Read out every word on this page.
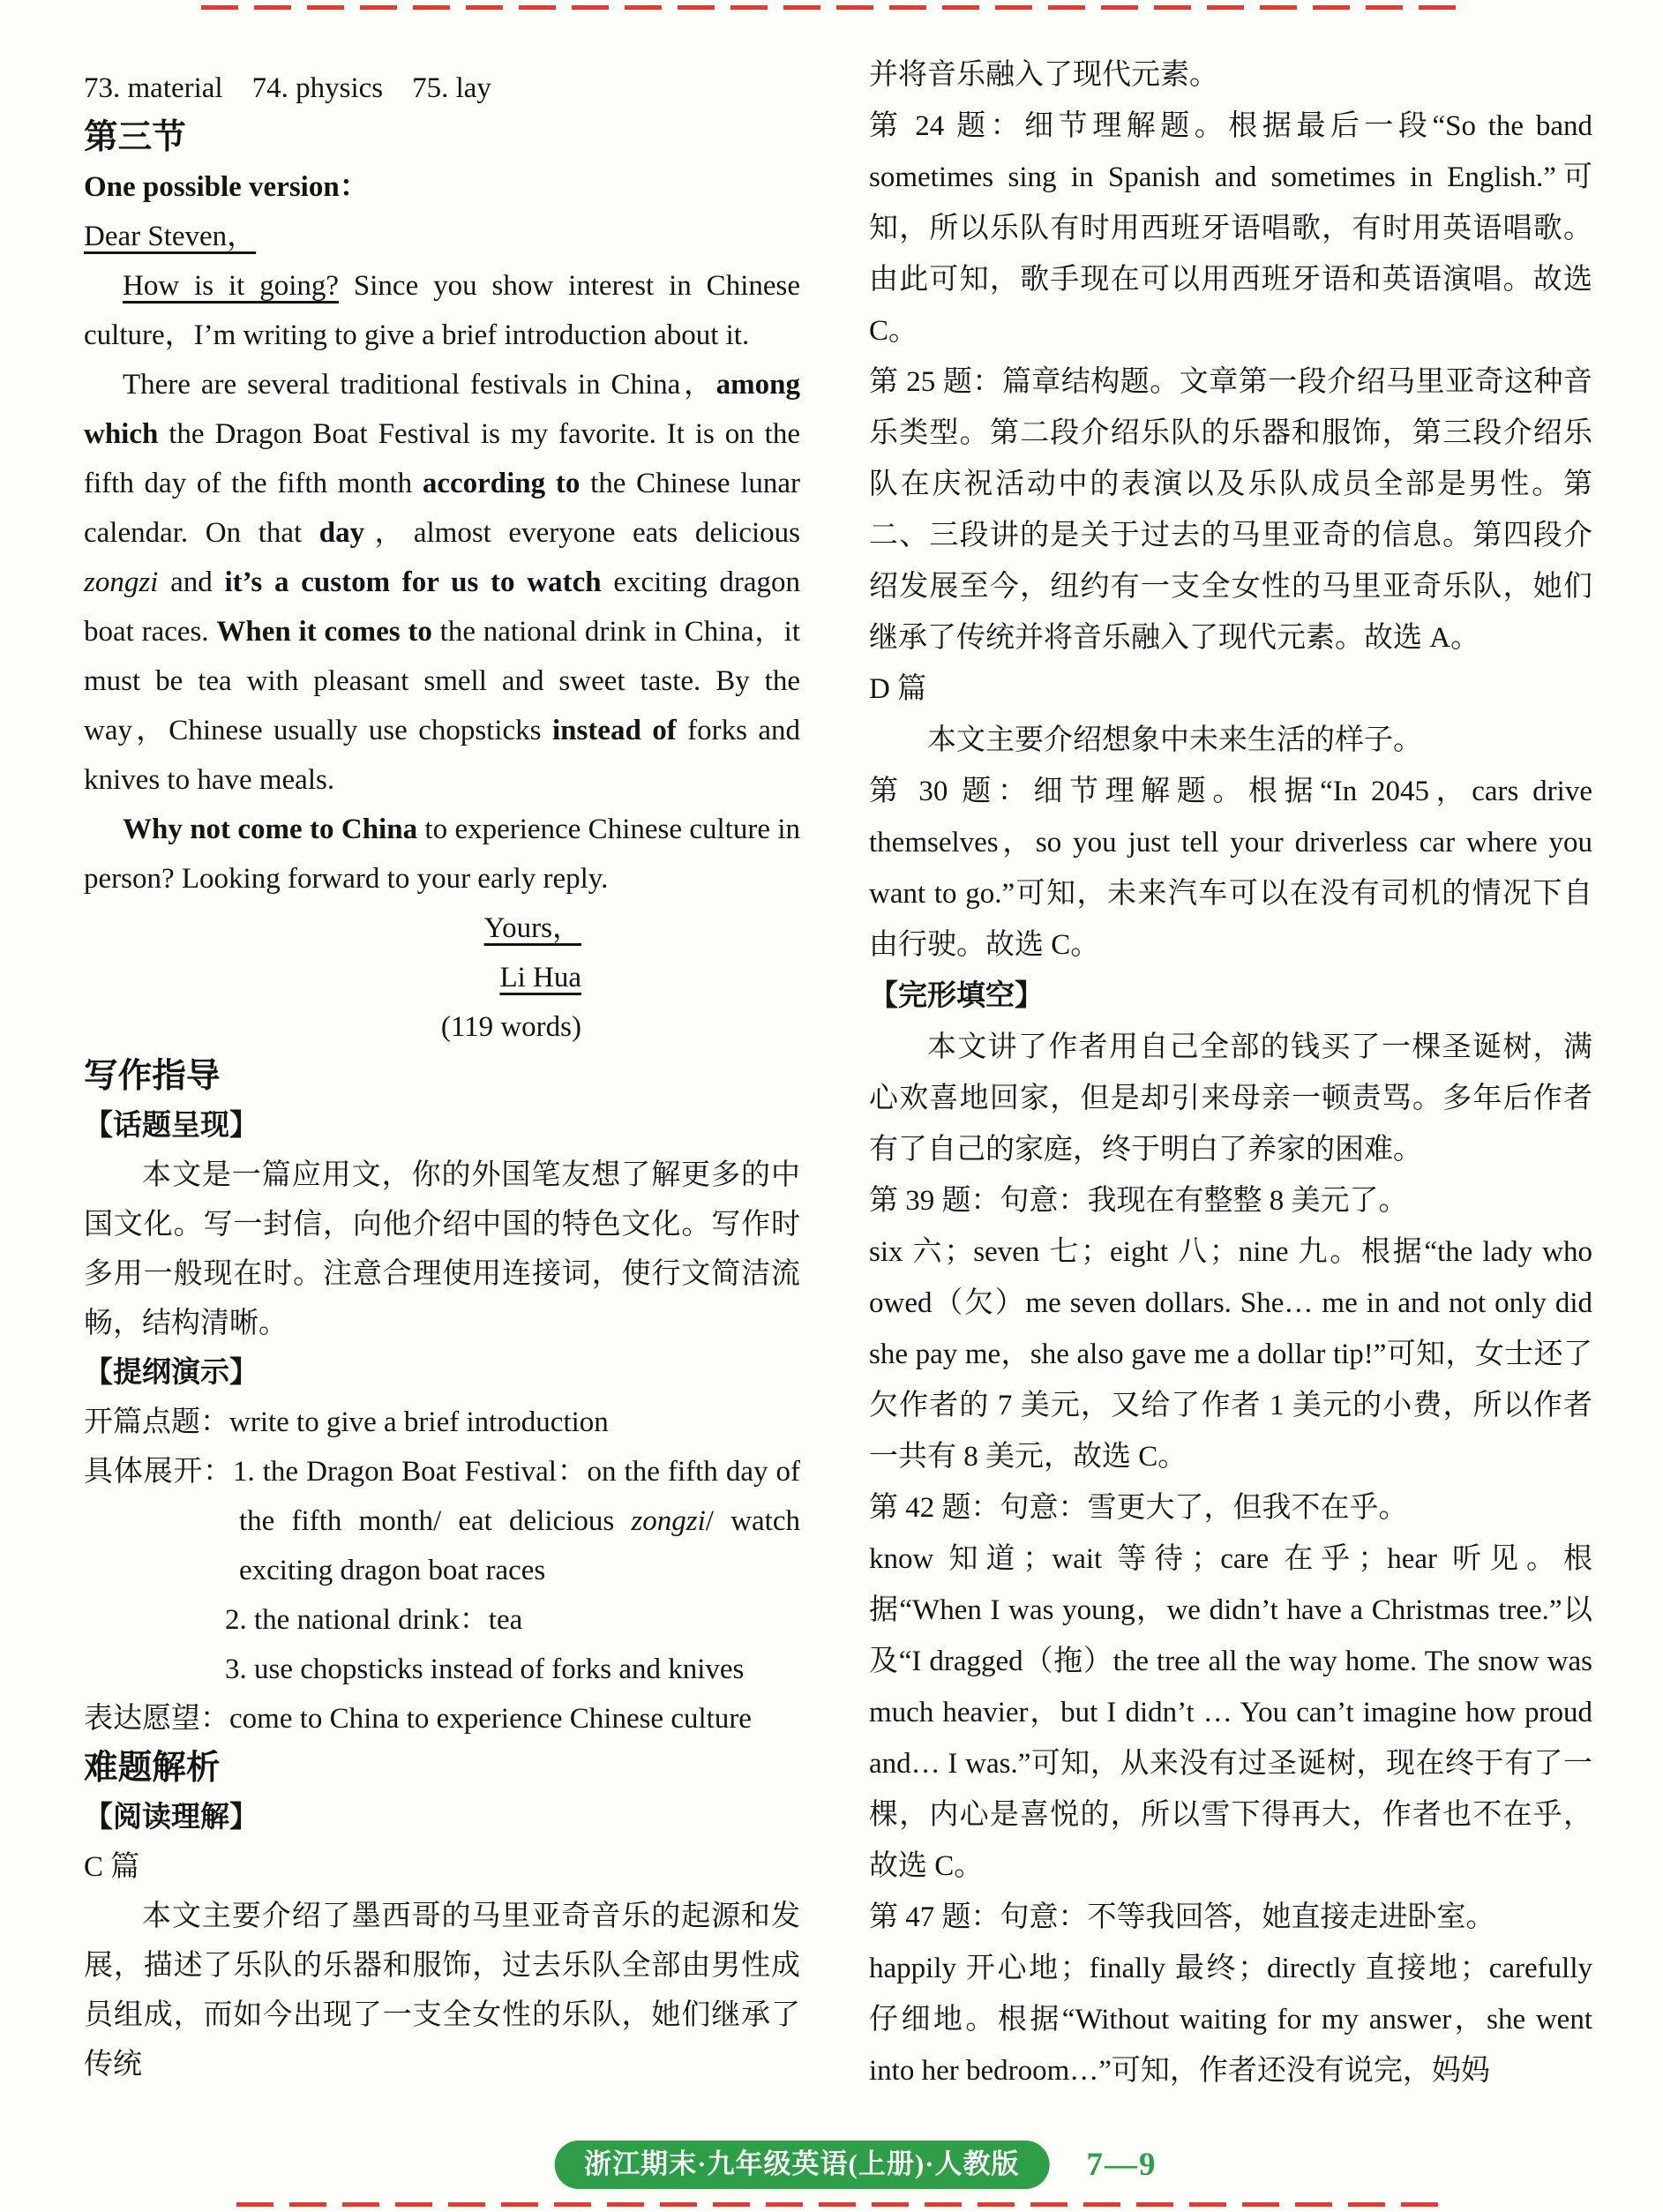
73. material　74. physics　75. lay

第三节

One possible version：

Dear Steven，

How is it going? Since you show interest in Chinese culture，I’m writing to give a brief introduction about it.

There are several traditional festivals in China，among which the Dragon Boat Festival is my favorite. It is on the fifth day of the fifth month according to the Chinese lunar calendar. On that day，almost everyone eats delicious zongzi and it’s a custom for us to watch exciting dragon boat races. When it comes to the national drink in China，it must be tea with pleasant smell and sweet taste. By the way，Chinese usually use chopsticks instead of forks and knives to have meals.

Why not come to China to experience Chinese culture in person? Looking forward to your early reply.

Yours，

Li Hua

(119 words)

写作指导

【话题呈现】

本文是一篇应用文，你的外国笔友想了解更多的中国文化。写一封信，向他介绍中国的特色文化。写作时多用一般现在时。注意合理使用连接词，使行文简洁流畅，结构清晰。

【提纲演示】

开篇点题：write to give a brief introduction

具体展开：1. the Dragon Boat Festival：on the fifth day of the fifth month/ eat delicious zongzi/ watch exciting dragon boat races

2. the national drink：tea

3. use chopsticks instead of forks and knives

表达愿望：come to China to experience Chinese culture

难题解析

【阅读理解】

C 篇

本文主要介绍了墨西哥的马里亚奇音乐的起源和发展，描述了乐队的乐器和服饰，过去乐队全部由男性成员组成，而如今出现了一支全女性的乐队，她们继承了传统

并将音乐融入了现代元素。

第 24 题：细节理解题。根据最后一段“So the band sometimes sing in Spanish and sometimes in English.”可知，所以乐队有时用西班牙语唱歌，有时用英语唱歌。由此可知，歌手现在可以用西班牙语和英语演唱。故选 C。

第 25 题：篇章结构题。文章第一段介绍马里亚奇这种音乐类型。第二段介绍乐队的乐器和服饰，第三段介绍乐队在庆祝活动中的表演以及乐队成员全部是男性。第二、三段讲的是关于过去的马里亚奇的信息。第四段介绍发展至今，纽约有一支全女性的马里亚奇乐队，她们继承了传统并将音乐融入了现代元素。故选 A。

D 篇

本文主要介绍想象中未来生活的样子。

第 30 题：细节理解题。根据“In 2045，cars drive themselves，so you just tell your driverless car where you want to go.”可知，未来汽车可以在没有司机的情况下自由行驶。故选 C。

【完形填空】

本文讲了作者用自己全部的钱买了一棵圣诞树，满心欢喜地回家，但是却引来母亲一顿责骂。多年后作者有了自己的家庭，终于明白了养家的困难。

第 39 题：句意：我现在有整整 8 美元了。

six 六；seven 七；eight 八；nine 九。根据“the lady who owed（欠）me seven dollars. She… me in and not only did she pay me，she also gave me a dollar tip!”可知，女士还了欠作者的 7 美元，又给了作者 1 美元的小费，所以作者一共有 8 美元，故选 C。

第 42 题：句意：雪更大了，但我不在乎。

know 知道；wait 等待；care 在乎；hear 听见。根据“When I was young，we didn’t have a Christmas tree.”以及“I dragged（拖）the tree all the way home. The snow was much heavier，but I didn’t … You can’t imagine how proud and… I was.”可知，从来没有过圣诞树，现在终于有了一棵，内心是喜悦的，所以雪下得再大，作者也不在乎，故选 C。

第 47 题：句意：不等我回答，她直接走进卧室。

happily 开心地；finally 最终；directly 直接地；carefully 仔细地。根据“Without waiting for my answer，she went into her bedroom…”可知，作者还没有说完，妈妈

浙江期末·九年级英语(上册)·人教版	7—9
